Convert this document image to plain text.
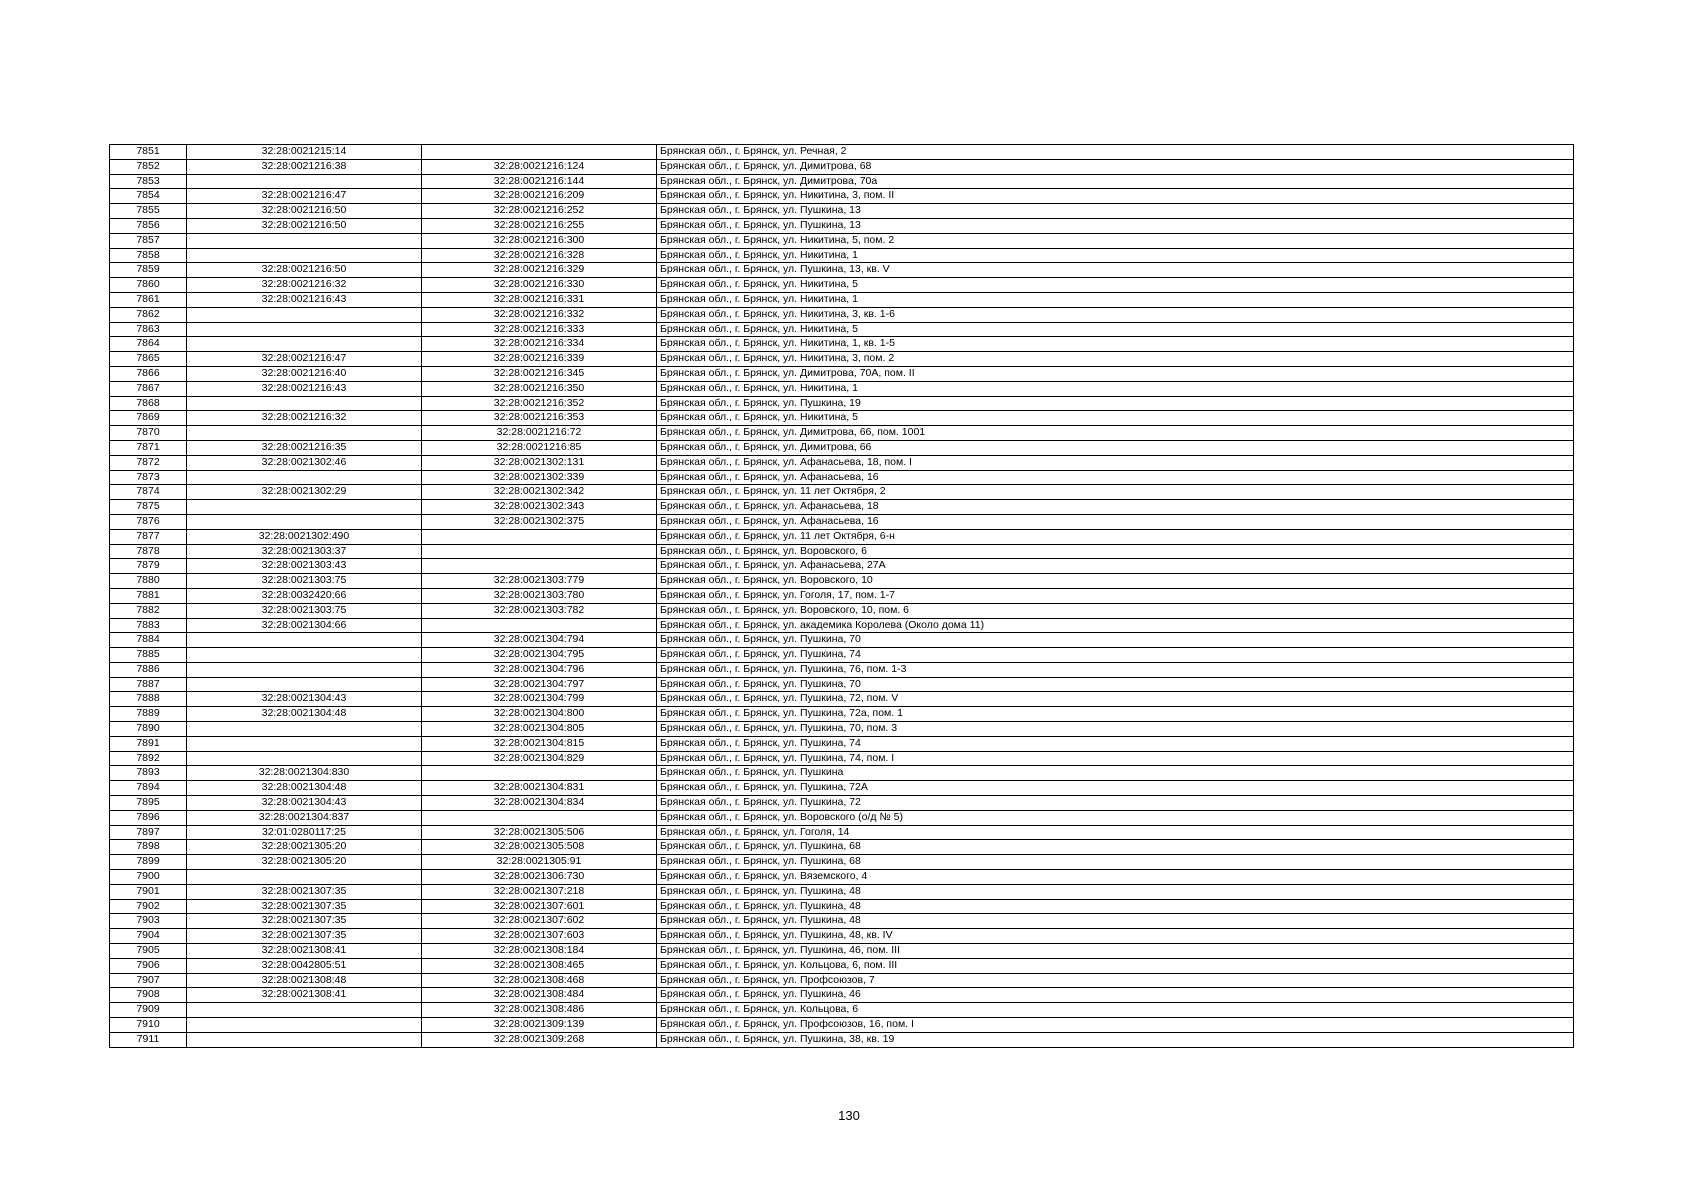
7851	32:28:0021215:14		Брянская обл., г. Брянск, ул. Речная, 2
7852	32:28:0021216:38	32:28:0021216:124	Брянская обл., г. Брянск, ул. Димитрова, 68
7853		32:28:0021216:144	Брянская обл., г. Брянск, ул. Димитрова, 70а
7854	32:28:0021216:47	32:28:0021216:209	Брянская обл., г. Брянск, ул. Никитина, 3, пом. II
7855	32:28:0021216:50	32:28:0021216:252	Брянская обл., г. Брянск, ул. Пушкина, 13
7856	32:28:0021216:50	32:28:0021216:255	Брянская обл., г. Брянск, ул. Пушкина, 13
7857		32:28:0021216:300	Брянская обл., г. Брянск, ул. Никитина, 5, пом. 2
7858		32:28:0021216:328	Брянская обл., г. Брянск, ул. Никитина, 1
7859	32:28:0021216:50	32:28:0021216:329	Брянская обл., г. Брянск, ул. Пушкина, 13, кв. V
7860	32:28:0021216:32	32:28:0021216:330	Брянская обл., г. Брянск, ул. Никитина, 5
7861	32:28:0021216:43	32:28:0021216:331	Брянская обл., г. Брянск, ул. Никитина, 1
7862		32:28:0021216:332	Брянская обл., г. Брянск, ул. Никитина, 3, кв. 1-6
7863		32:28:0021216:333	Брянская обл., г. Брянск, ул. Никитина, 5
7864		32:28:0021216:334	Брянская обл., г. Брянск, ул. Никитина, 1, кв. 1-5
7865	32:28:0021216:47	32:28:0021216:339	Брянская обл., г. Брянск, ул. Никитина, 3, пом. 2
7866	32:28:0021216:40	32:28:0021216:345	Брянская обл., г. Брянск, ул. Димитрова, 70А, пом. II
7867	32:28:0021216:43	32:28:0021216:350	Брянская обл., г. Брянск, ул. Никитина, 1
7868		32:28:0021216:352	Брянская обл., г. Брянск, ул. Пушкина, 19
7869	32:28:0021216:32	32:28:0021216:353	Брянская обл., г. Брянск, ул. Никитина, 5
7870		32:28:0021216:72	Брянская обл., г. Брянск, ул. Димитрова, 66, пом. 1001
7871	32:28:0021216:35	32:28:0021216:85	Брянская обл., г. Брянск, ул. Димитрова, 66
7872	32:28:0021302:46	32:28:0021302:131	Брянская обл., г. Брянск, ул. Афанасьева, 18, пом. I
7873		32:28:0021302:339	Брянская обл., г. Брянск, ул. Афанасьева, 16
7874	32:28:0021302:29	32:28:0021302:342	Брянская обл., г. Брянск, ул. 11 лет Октября, 2
7875		32:28:0021302:343	Брянская обл., г. Брянск, ул. Афанасьева, 18
7876		32:28:0021302:375	Брянская обл., г. Брянск, ул. Афанасьева, 16
7877	32:28:0021302:490		Брянская обл., г. Брянск, ул. 11 лет Октября, 6-н
7878	32:28:0021303:37		Брянская обл., г. Брянск, ул. Воровского, 6
7879	32:28:0021303:43		Брянская обл., г. Брянск, ул. Афанасьева, 27А
7880	32:28:0021303:75	32:28:0021303:779	Брянская обл., г. Брянск, ул. Воровского, 10
7881	32:28:0032420:66	32:28:0021303:780	Брянская обл., г. Брянск, ул. Гоголя, 17, пом. 1-7
7882	32:28:0021303:75	32:28:0021303:782	Брянская обл., г. Брянск, ул. Воровского, 10, пом. 6
7883	32:28:0021304:66		Брянская обл., г. Брянск, ул. академика Королева (Около дома 11)
7884		32:28:0021304:794	Брянская обл., г. Брянск, ул. Пушкина, 70
7885		32:28:0021304:795	Брянская обл., г. Брянск, ул. Пушкина, 74
7886		32:28:0021304:796	Брянская обл., г. Брянск, ул. Пушкина, 76, пом. 1-3
7887		32:28:0021304:797	Брянская обл., г. Брянск, ул. Пушкина, 70
7888	32:28:0021304:43	32:28:0021304:799	Брянская обл., г. Брянск, ул. Пушкина, 72, пом. V
7889	32:28:0021304:48	32:28:0021304:800	Брянская обл., г. Брянск, ул. Пушкина, 72а, пом. 1
7890		32:28:0021304:805	Брянская обл., г. Брянск, ул. Пушкина, 70, пом. 3
7891		32:28:0021304:815	Брянская обл., г. Брянск, ул. Пушкина, 74
7892		32:28:0021304:829	Брянская обл., г. Брянск, ул. Пушкина, 74, пом. I
7893	32:28:0021304:830		Брянская обл., г. Брянск, ул. Пушкина
7894	32:28:0021304:48	32:28:0021304:831	Брянская обл., г. Брянск, ул. Пушкина, 72А
7895	32:28:0021304:43	32:28:0021304:834	Брянская обл., г. Брянск, ул. Пушкина, 72
7896	32:28:0021304:837		Брянская обл., г. Брянск, ул. Воровского (о/д № 5)
7897	32:01:0280117:25	32:28:0021305:506	Брянская обл., г. Брянск, ул. Гоголя, 14
7898	32:28:0021305:20	32:28:0021305:508	Брянская обл., г. Брянск, ул. Пушкина, 68
7899	32:28:0021305:20	32:28:0021305:91	Брянская обл., г. Брянск, ул. Пушкина, 68
7900		32:28:0021306:730	Брянская обл., г. Брянск, ул. Вяземского, 4
7901	32:28:0021307:35	32:28:0021307:218	Брянская обл., г. Брянск, ул. Пушкина, 48
7902	32:28:0021307:35	32:28:0021307:601	Брянская обл., г. Брянск, ул. Пушкина, 48
7903	32:28:0021307:35	32:28:0021307:602	Брянская обл., г. Брянск, ул. Пушкина, 48
7904	32:28:0021307:35	32:28:0021307:603	Брянская обл., г. Брянск, ул. Пушкина, 48, кв. IV
7905	32:28:0021308:41	32:28:0021308:184	Брянская обл., г. Брянск, ул. Пушкина, 46, пом. III
7906	32:28:0042805:51	32:28:0021308:465	Брянская обл., г. Брянск, ул. Кольцова, 6, пом. III
7907	32:28:0021308:48	32:28:0021308:468	Брянская обл., г. Брянск, ул. Профсоюзов, 7
7908	32:28:0021308:41	32:28:0021308:484	Брянская обл., г. Брянск, ул. Пушкина, 46
7909		32:28:0021308:486	Брянская обл., г. Брянск, ул. Кольцова, 6
7910		32:28:0021309:139	Брянская обл., г. Брянск, ул. Профсоюзов, 16, пом. I
7911		32:28:0021309:268	Брянская обл., г. Брянск, ул. Пушкина, 38, кв. 19
130
